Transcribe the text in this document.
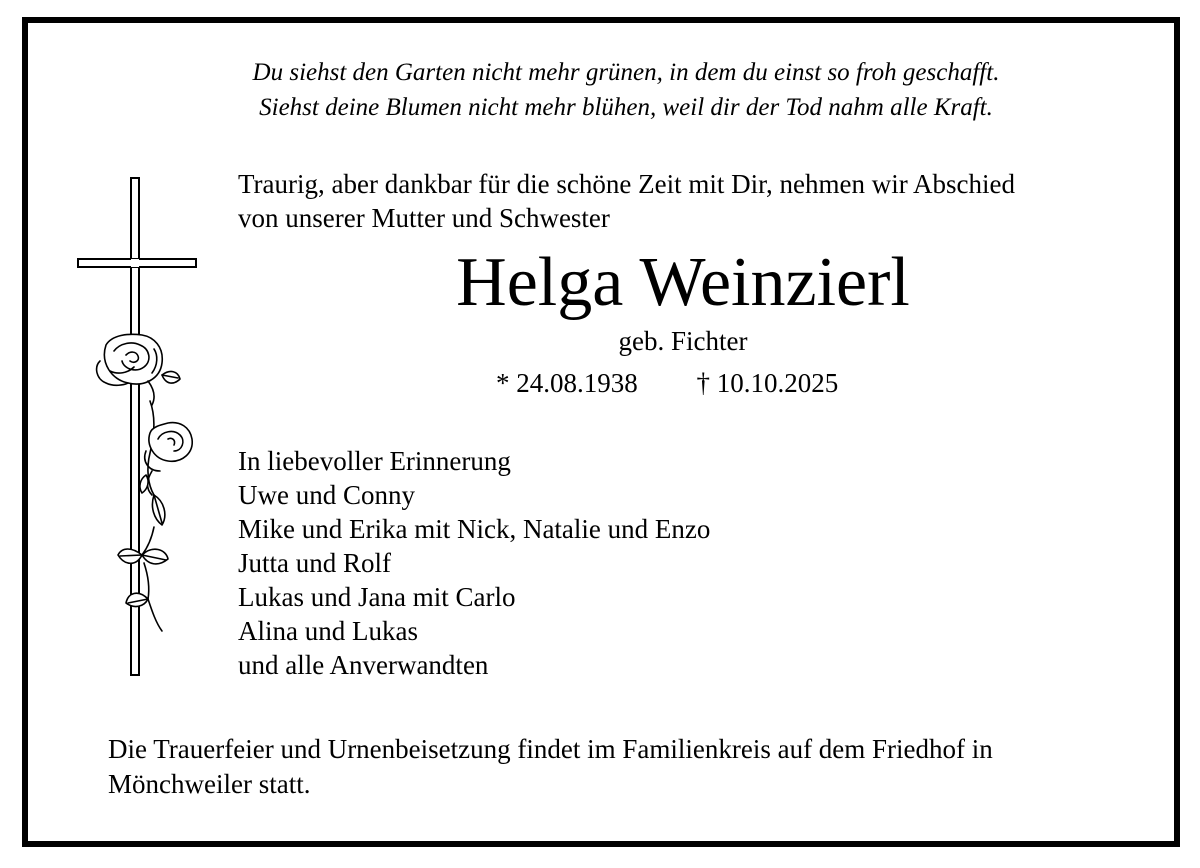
Du siehst den Garten nicht mehr grünen, in dem du einst so froh geschafft.
Siehst deine Blumen nicht mehr blühen, weil dir der Tod nahm alle Kraft.
Traurig, aber dankbar für die schöne Zeit mit Dir, nehmen wir Abschied
von unserer Mutter und Schwester
Helga Weinzierl
geb. Fichter
* 24.08.1938 † 10.10.2025
In liebevoller Erinnerung
Uwe und Conny
Mike und Erika mit Nick, Natalie und Enzo
Jutta und Rolf
Lukas und Jana mit Carlo
Alina und Lukas
und alle Anverwandten
Die Trauerfeier und Urnenbeisetzung findet im Familienkreis auf dem Friedhof in
Mönchweiler statt.
